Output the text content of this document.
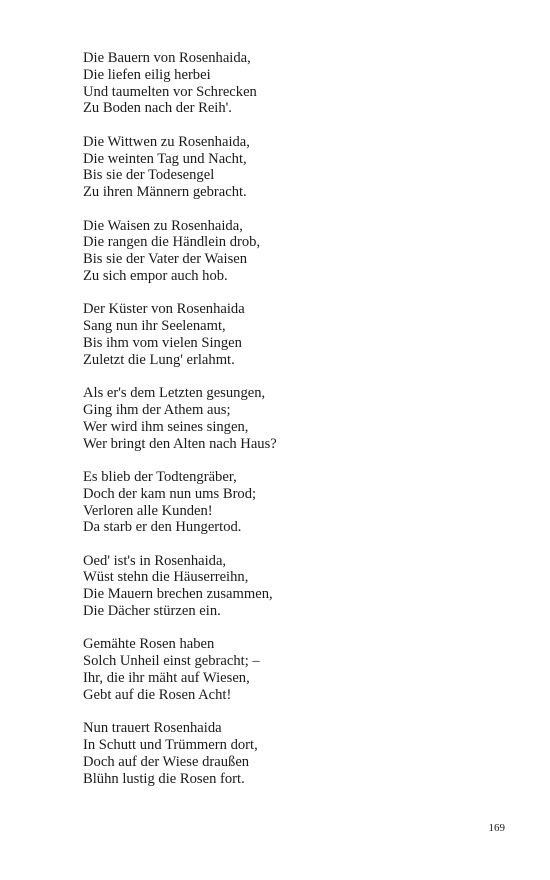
Die Bauern von Rosenhaida,
Die liefen eilig herbei
Und taumelten vor Schrecken
Zu Boden nach der Reih'.
Die Wittwen zu Rosenhaida,
Die weinten Tag und Nacht,
Bis sie der Todesengel
Zu ihren Männern gebracht.
Die Waisen zu Rosenhaida,
Die rangen die Händlein drob,
Bis sie der Vater der Waisen
Zu sich empor auch hob.
Der Küster von Rosenhaida
Sang nun ihr Seelenamt,
Bis ihm vom vielen Singen
Zuletzt die Lung' erlahmt.
Als er's dem Letzten gesungen,
Ging ihm der Athem aus;
Wer wird ihm seines singen,
Wer bringt den Alten nach Haus?
Es blieb der Todtengräber,
Doch der kam nun ums Brod;
Verloren alle Kunden!
Da starb er den Hungertod.
Oed' ist's in Rosenhaida,
Wüst stehn die Häuserreihn,
Die Mauern brechen zusammen,
Die Dächer stürzen ein.
Gemähte Rosen haben
Solch Unheil einst gebracht; –
Ihr, die ihr mäht auf Wiesen,
Gebt auf die Rosen Acht!
Nun trauert Rosenhaida
In Schutt und Trümmern dort,
Doch auf der Wiese draußen
Blühn lustig die Rosen fort.
169
